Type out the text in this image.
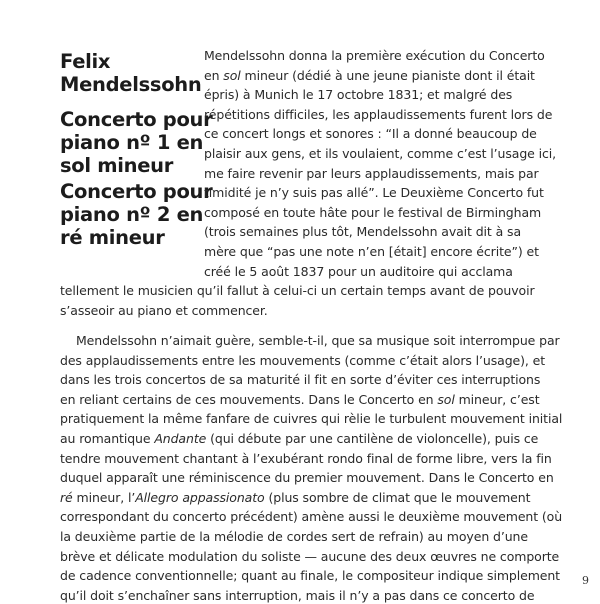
Felix
Mendelssohn
Concerto pour
piano nº 1 en
sol mineur
Concerto pour
piano nº 2 en
ré mineur
Mendelssohn donna la première exécution du Concerto
en sol mineur (dédié à une jeune pianiste dont il était
épris) à Munich le 17 octobre 1831; et malgré des
répétitions difficiles, les applaudissements furent lors de
ce concert longs et sonores : “Il a donné beaucoup de
plaisir aux gens, et ils voulaient, comme c’est l’usage ici,
me faire revenir par leurs applaudissements, mais par
timidité je n’y suis pas allé”. Le Deuxième Concerto fut
composé en toute hâte pour le festival de Birmingham
(trois semaines plus tôt, Mendelssohn avait dit à sa
mère que “pas une note n’en [était] encore écrite”) et
créé le 5 août 1837 pour un auditoire qui acclama
tellement le musicien qu’il fallut à celui-ci un certain temps avant de pouvoir
s’asseoir au piano et commencer.
Mendelssohn n’aimait guère, semble-t-il, que sa musique soit interrompue par
des applaudissements entre les mouvements (comme c’était alors l’usage), et
dans les trois concertos de sa maturité il fit en sorte d’éviter ces interruptions
en reliant certains de ces mouvements. Dans le Concerto en sol mineur, c’est
pratiquement la même fanfare de cuivres qui rèlie le turbulent mouvement initial
au romantique Andante (qui débute par une cantilène de violoncelle), puis ce
tendre mouvement chantant à l’exubérant rondo final de forme libre, vers la fin
duquel apparaît une réminiscence du premier mouvement. Dans le Concerto en
ré mineur, l’Allegro appassionato (plus sombre de climat que le mouvement
correspondant du concerto précédent) amène aussi le deuxième mouvement (où
la deuxième partie de la mélodie de cordes sert de refrain) au moyen d’une
brève et délicate modulation du soliste — aucune des deux œuvres ne comporte
de cadence conventionnelle; quant au finale, le compositeur indique simplement
qu’il doit s’enchaîner sans interruption, mais il n’y a pas dans ce concerto de
9
